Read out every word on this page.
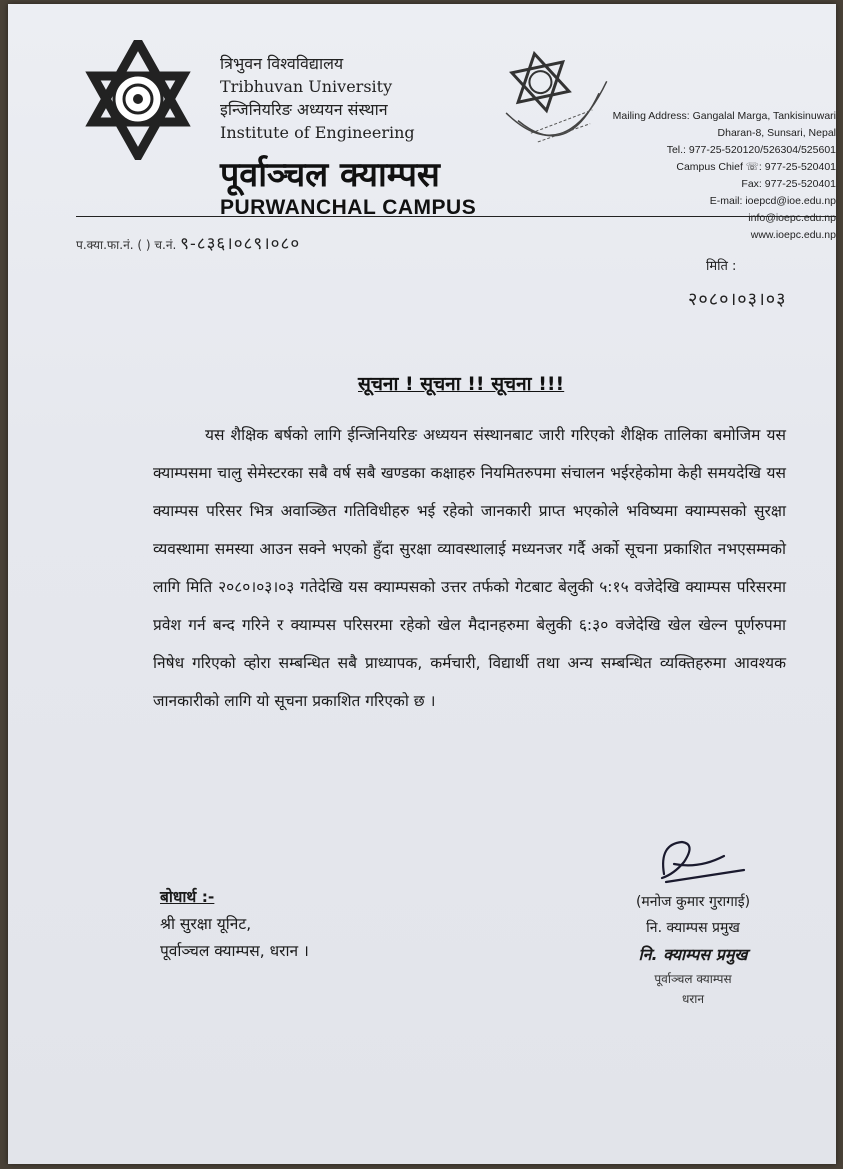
त्रिभुवन विश्वविद्यालय
Tribhuvan University
इन्जिनियरिङ अध्ययन संस्थान
Institute of Engineering
पूर्वाञ्चल क्याम्पस
PURWANCHAL CAMPUS
Mailing Address: Gangalal Marga, Tankisinuwari
Dharan-8, Sunsari, Nepal
Tel.: 977-25-520120/526304/525601
Campus Chief ☏: 977-25-520401
Fax: 977-25-520401
E-mail: ioepcd@ioe.edu.np
info@ioepc.edu.np
www.ioepc.edu.np
प.क्या.फा.नं. ( ) च.नं. ९-८३६।०८९।०८०
मिति :
२०८०।०३।०३
सूचना ! सूचना !! सूचना !!!
यस शैक्षिक बर्षको लागि ईन्जिनियरिङ अध्ययन संस्थानबाट जारी गरिएको शैक्षिक तालिका बमोजिम यस क्याम्पसमा चालु सेमेस्टरका सबै वर्ष सबै खण्डका कक्षाहरु नियमितरुपमा संचालन भईरहेकोमा केही समयदेखि यस क्याम्पस परिसर भित्र अवाञ्छित गतिविधीहरु भई रहेको जानकारी प्राप्त भएकोले भविष्यमा क्याम्पसको सुरक्षा व्यवस्थामा समस्या आउन सक्ने भएको हुँदा सुरक्षा व्यावस्थालाई मध्यनजर गर्दै अर्को सूचना प्रकाशित नभएसम्मको लागि मिति २०८०।०३।०३ गतेदेखि यस क्याम्पसको उत्तर तर्फको गेटबाट बेलुकी ५:१५ वजेदेखि क्याम्पस परिसरमा प्रवेश गर्न बन्द गरिने र क्याम्पस परिसरमा रहेको खेल मैदानहरुमा बेलुकी ६:३० वजेदेखि खेल खेल्न पूर्णरुपमा निषेध गरिएको व्होरा सम्बन्धित सबै प्राध्यापक, कर्मचारी, विद्यार्थी तथा अन्य सम्बन्धित व्यक्तिहरुमा आवश्यक जानकारीको लागि यो सूचना प्रकाशित गरिएको छ ।
बोधार्थ :-
श्री सुरक्षा यूनिट,
पूर्वाञ्चल क्याम्पस, धरान ।
(मनोज कुमार गुरागाई)
नि. क्याम्पस प्रमुख
नि. क्याम्पस प्रमुख
पूर्वाञ्चल क्याम्पस
धरान
